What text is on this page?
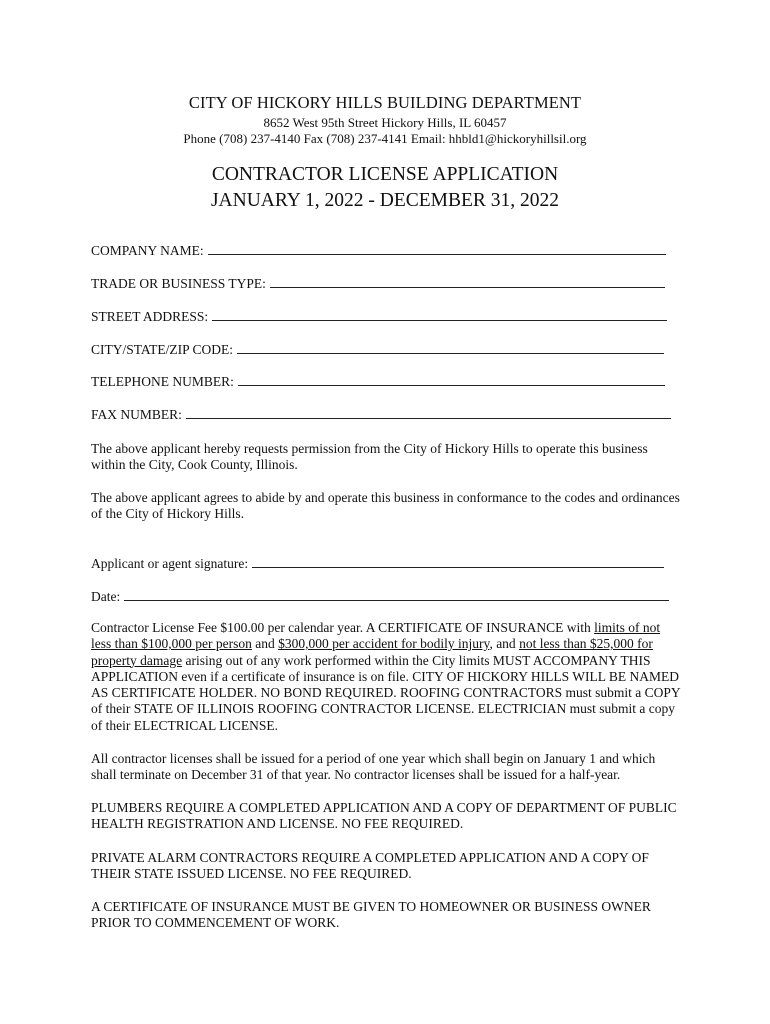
CITY OF HICKORY HILLS BUILDING DEPARTMENT
8652 West 95th Street Hickory Hills, IL 60457
Phone (708) 237-4140 Fax (708) 237-4141 Email: hhbld1@hickoryhillsil.org
CONTRACTOR LICENSE APPLICATION
JANUARY 1, 2022 - DECEMBER 31, 2022
COMPANY NAME:
TRADE OR BUSINESS TYPE:
STREET ADDRESS:
CITY/STATE/ZIP CODE:
TELEPHONE NUMBER:
FAX NUMBER:
The above applicant hereby requests permission from the City of Hickory Hills to operate this business within the City, Cook County, Illinois.
The above applicant agrees to abide by and operate this business in conformance to the codes and ordinances of the City of Hickory Hills.
Applicant or agent signature:
Date:
Contractor License Fee $100.00 per calendar year. A CERTIFICATE OF INSURANCE with limits of not less than $100,000 per person and $300,000 per accident for bodily injury, and not less than $25,000 for property damage arising out of any work performed within the City limits MUST ACCOMPANY THIS APPLICATION even if a certificate of insurance is on file. CITY OF HICKORY HILLS WILL BE NAMED AS CERTIFICATE HOLDER. NO BOND REQUIRED. ROOFING CONTRACTORS must submit a COPY of their STATE OF ILLINOIS ROOFING CONTRACTOR LICENSE. ELECTRICIAN must submit a copy of their ELECTRICAL LICENSE.
All contractor licenses shall be issued for a period of one year which shall begin on January 1 and which shall terminate on December 31 of that year. No contractor licenses shall be issued for a half-year.
PLUMBERS REQUIRE A COMPLETED APPLICATION AND A COPY OF DEPARTMENT OF PUBLIC HEALTH REGISTRATION AND LICENSE. NO FEE REQUIRED.
PRIVATE ALARM CONTRACTORS REQUIRE A COMPLETED APPLICATION AND A COPY OF THEIR STATE ISSUED LICENSE. NO FEE REQUIRED.
A CERTIFICATE OF INSURANCE MUST BE GIVEN TO HOMEOWNER OR BUSINESS OWNER PRIOR TO COMMENCEMENT OF WORK.
